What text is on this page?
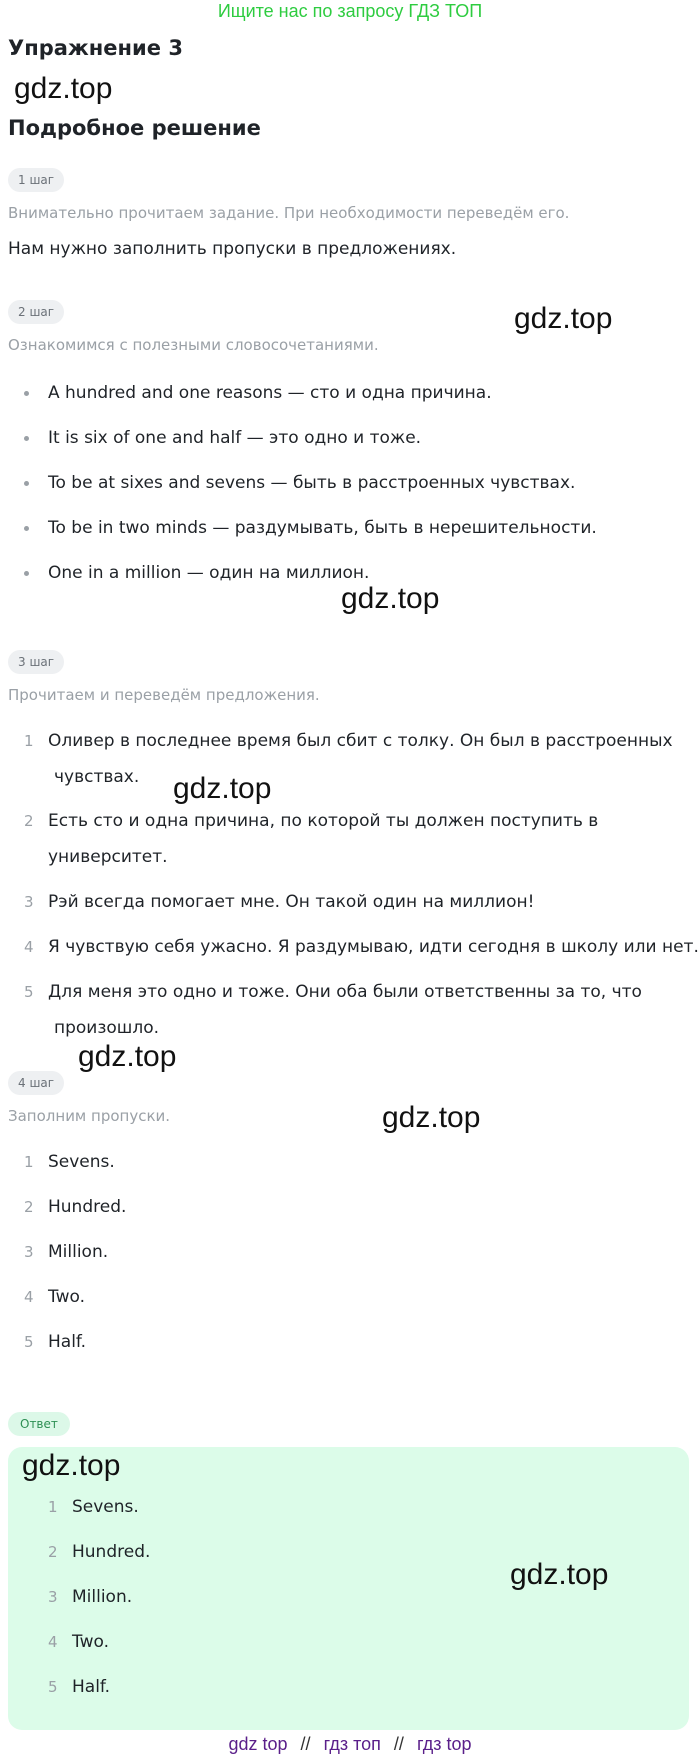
Ищите нас по запросу ГДЗ ТОП
Упражнение 3
gdz.top
Подробное решение
1 шаг
Внимательно прочитаем задание. При необходимости переведём его.
Нам нужно заполнить пропуски в предложениях.
2 шаг	gdz.top
Ознакомимся с полезными словосочетаниями.
A hundred and one reasons — сто и одна причина.
It is six of one and half — это одно и тоже.
To be at sixes and sevens — быть в расстроенных чувствах.
To be in two minds — раздумывать, быть в нерешительности.
One in a million — один на миллион.
gdz.top
3 шаг
Прочитаем и переведём предложения.
1 Оливер в последнее время был сбит с толку. Он был в расстроенных
чувствах.
2 Есть сто и одна причина, по которой ты должен поступить в университет.
3 Рэй всегда помогает мне. Он такой один на миллион!
4 Я чувствую себя ужасно. Я раздумываю, идти сегодня в школу или нет.
5 Для меня это одно и тоже. Они оба были ответственны за то, что
произошло.
gdz.top
gdz.top
4 шаг
gdz.top
Заполним пропуски.
1 Sevens.
2 Hundred.
3 Million.
4 Two.
5 Half.
Ответ
gdz.top
1 Sevens.
2 Hundred.
3 Million.
4 Two.
5 Half.
gdz.top
gdz top // гдз топ // гдз top
